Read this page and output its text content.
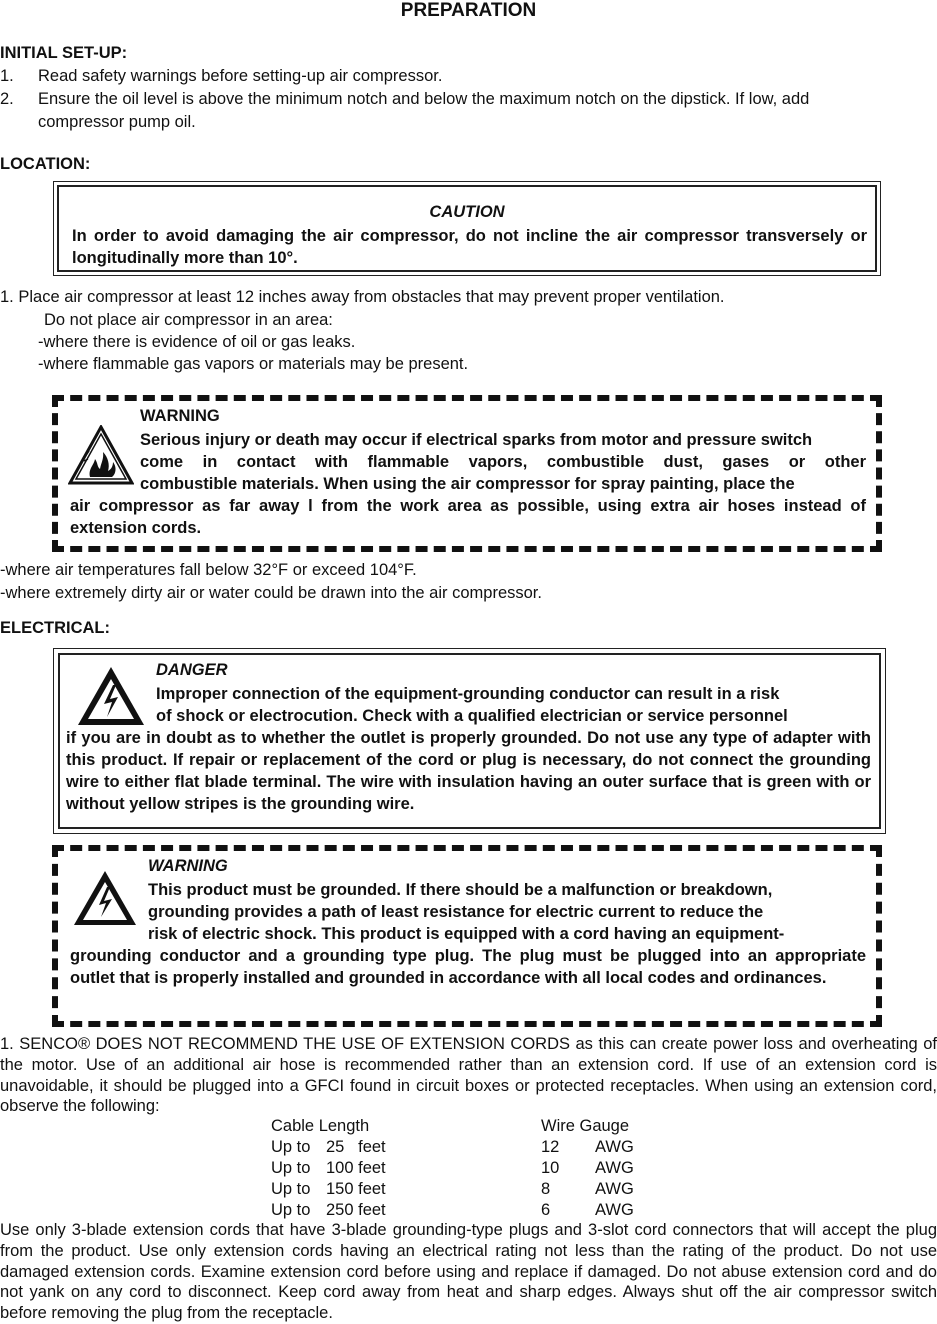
PREPARATION
INITIAL SET-UP:
1. Read safety warnings before setting-up air compressor.
2. Ensure the oil level is above the minimum notch and below the maximum notch on the dipstick. If low, add
compressor pump oil.
LOCATION:
CAUTION
In order to avoid damaging the air compressor, do not incline the air compressor transversely or longitudinally more than 10°.
1. Place air compressor at least 12 inches away from obstacles that may prevent proper ventilation.
Do not place air compressor in an area:
-where there is evidence of oil or gas leaks.
-where flammable gas vapors or materials may be present.
WARNING
Serious injury or death may occur if electrical sparks from motor and pressure switch
come in contact with flammable vapors, combustible dust, gases or other
combustible materials. When using the air compressor for spray painting, place the
air compressor as far away l from the work area as possible, using extra air hoses instead of extension cords.
-where air temperatures fall below 32°F or exceed 104°F.
-where extremely dirty air or water could be drawn into the air compressor.
ELECTRICAL:
DANGER
Improper connection of the equipment-grounding conductor can result in a risk
of shock or electrocution. Check with a qualified electrician or service personnel
if you are in doubt as to whether the outlet is properly grounded. Do not use any type of adapter with this product. If repair or replacement of the cord or plug is necessary, do not connect the grounding wire to either flat blade terminal. The wire with insulation having an outer surface that is green with or without yellow stripes is the grounding wire.
WARNING
This product must be grounded. If there should be a malfunction or breakdown,
grounding provides a path of least resistance for electric current to reduce the
risk of electric shock. This product is equipped with a cord having an equipment-
grounding conductor and a grounding type plug. The plug must be plugged into an appropriate outlet that is properly installed and grounded in accordance with all local codes and ordinances.
1. SENCO® DOES NOT RECOMMEND THE USE OF EXTENSION CORDS as this can create power loss and overheating of the motor. Use of an additional air hose is recommended rather than an extension cord. If use of an extension cord is unavoidable, it should be plugged into a GFCI found in circuit boxes or protected receptacles. When using an extension cord, observe the following:
Cable Length	Wire Gauge
Up to 25   feet	12 AWG
Up to 100 feet	10 AWG
Up to 150 feet	8	AWG
Up to 250 feet	6	AWG
Use only 3-blade extension cords that have 3-blade grounding-type plugs and 3-slot cord connectors that will accept the plug from the product. Use only extension cords having an electrical rating not less than the rating of the product. Do not use damaged extension cords. Examine extension cord before using and replace if damaged. Do not abuse extension cord and do not yank on any cord to disconnect. Keep cord away from heat and sharp edges. Always shut off the air compressor switch before removing the plug from the receptacle.
